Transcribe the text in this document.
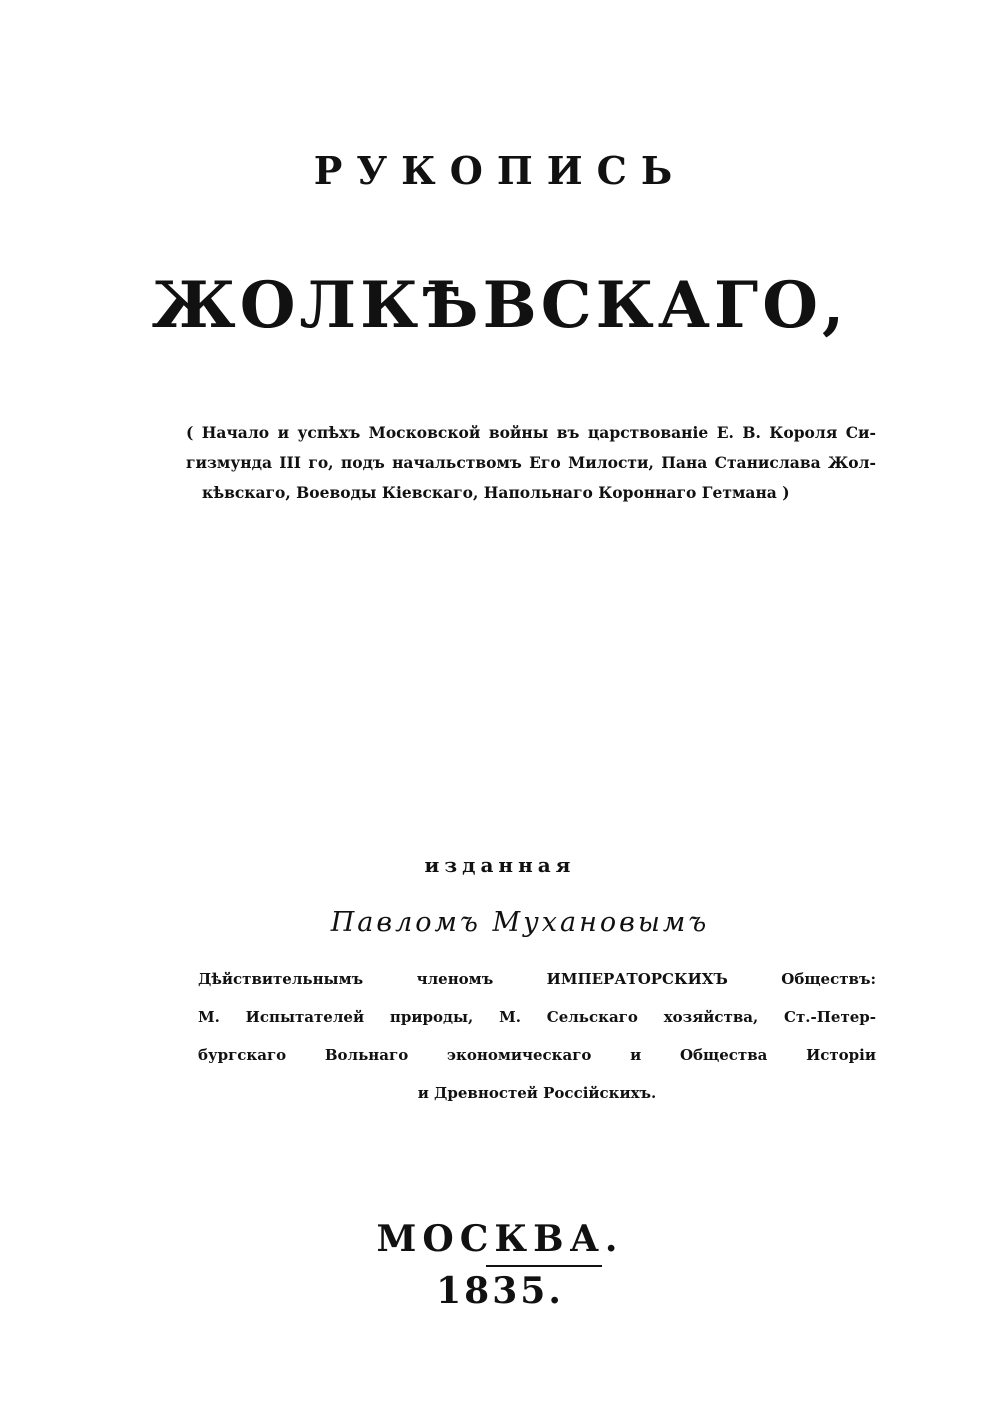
РУКОПИСЬ
ЖОЛКѢВСКАГО,
( Начало и успѣхъ Московской войны въ царствованіе Е. В. Короля Си-
гизмунда III го, подъ начальствомъ Его Милости, Пана Станислава Жол-
кѣвскаго, Воеводы Кіевскаго, Напольнаго Короннаго Гетмана )

изданная

Павломъ Мухановымъ

Дѣйствительнымъ членомъ ИМПЕРАТОРСКИХЪ Обществъ:
М. Испытателей природы, М. Сельскаго хозяйства, Ст.-Петер-
бургскаго Вольнаго экономическаго и Общества Исторіи
и Древностей Россійскихъ.

МОСКВА.

1835.
